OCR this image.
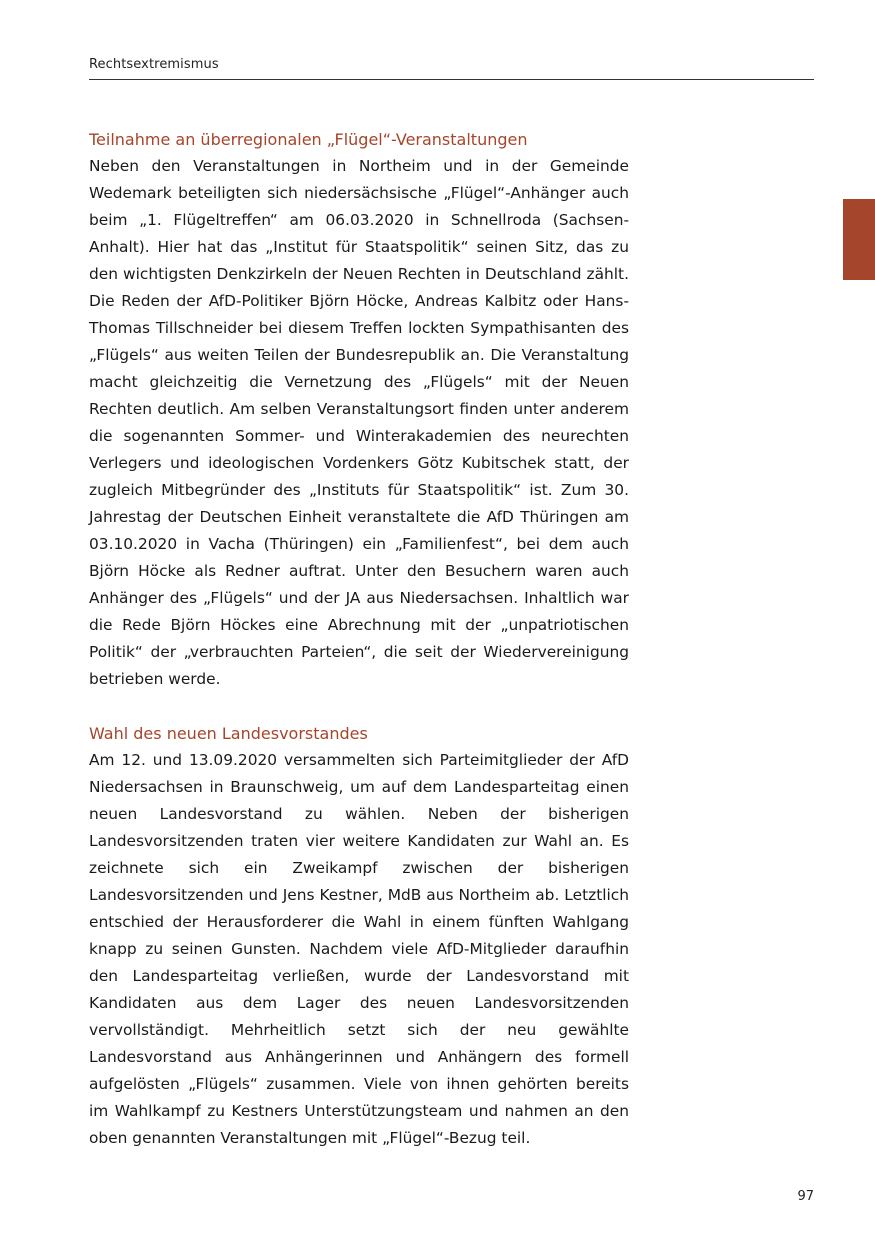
Rechtsextremismus
Teilnahme an überregionalen „Flügel“-Veranstaltungen

Neben den Veranstaltungen in Northeim und in der Gemeinde Wedemark beteiligten sich niedersächsische „Flügel“-Anhänger auch beim „1. Flügeltreffen“ am 06.03.2020 in Schnellroda (Sachsen-Anhalt). Hier hat das „Institut für Staatspolitik“ seinen Sitz, das zu den wichtigsten Denkzirkeln der Neuen Rechten in Deutschland zählt. Die Reden der AfD-Politiker Björn Höcke, Andreas Kalbitz oder Hans-Thomas Tillschneider bei diesem Treffen lockten Sympathisanten des „Flügels“ aus weiten Teilen der Bundesrepublik an. Die Veranstaltung macht gleichzeitig die Vernetzung des „Flügels“ mit der Neuen Rechten deutlich. Am selben Veranstaltungsort finden unter anderem die sogenannten Sommer- und Winterakademien des neurechten Verlegers und ideologischen Vordenkers Götz Kubitschek statt, der zugleich Mitbegründer des „Instituts für Staatspolitik“ ist. Zum 30. Jahrestag der Deutschen Einheit veranstaltete die AfD Thüringen am 03.10.2020 in Vacha (Thüringen) ein „Familienfest“, bei dem auch Björn Höcke als Redner auftrat. Unter den Besuchern waren auch Anhänger des „Flügels“ und der JA aus Niedersachsen. Inhaltlich war die Rede Björn Höckes eine Abrechnung mit der „unpatriotischen Politik“ der „verbrauchten Parteien“, die seit der Wiedervereinigung betrieben werde.

Wahl des neuen Landesvorstandes

Am 12. und 13.09.2020 versammelten sich Parteimitglieder der AfD Niedersachsen in Braunschweig, um auf dem Landesparteitag einen neuen Landesvorstand zu wählen. Neben der bisherigen Landesvorsitzenden traten vier weitere Kandidaten zur Wahl an. Es zeichnete sich ein Zweikampf zwischen der bisherigen Landesvorsitzenden und Jens Kestner, MdB aus Northeim ab. Letztlich entschied der Herausforderer die Wahl in einem fünften Wahlgang knapp zu seinen Gunsten. Nachdem viele AfD-Mitglieder daraufhin den Landesparteitag verließen, wurde der Landesvorstand mit Kandidaten aus dem Lager des neuen Landesvorsitzenden vervollständigt. Mehrheitlich setzt sich der neu gewählte Landesvorstand aus Anhängerinnen und Anhängern des formell aufgelösten „Flügels“ zusammen. Viele von ihnen gehörten bereits im Wahlkampf zu Kestners Unterstützungsteam und nahmen an den oben genannten Veranstaltungen mit „Flügel“-Bezug teil.

97
